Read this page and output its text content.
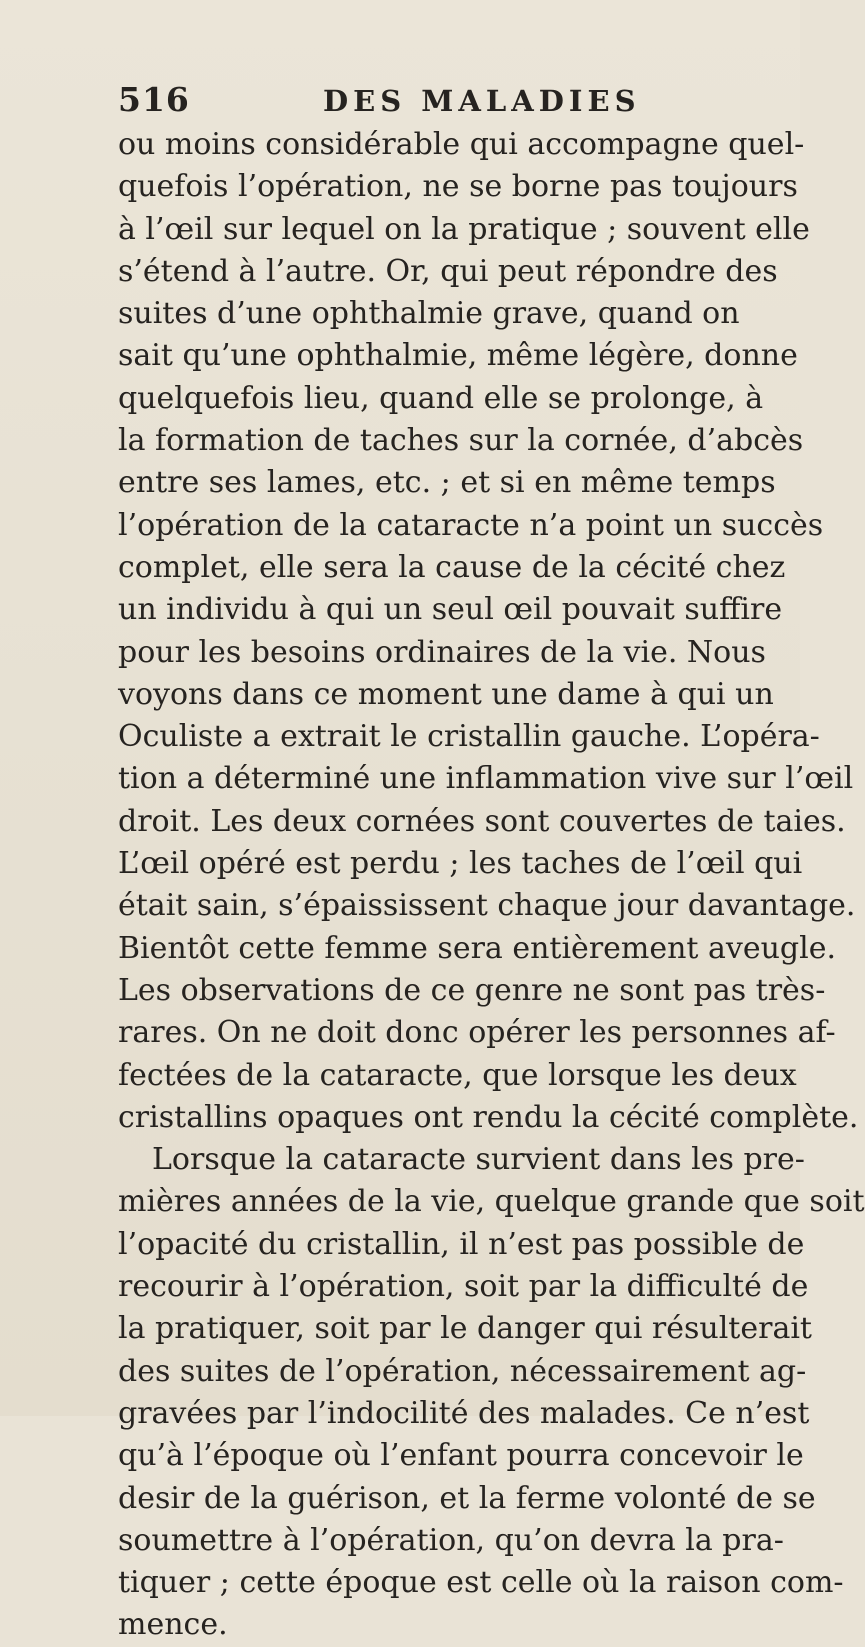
516	DES MALADIES
ou moins considérable qui accompagne quel-
quefois l’opération, ne se borne pas toujours
à l’œil sur lequel on la pratique ; souvent elle
s’étend à l’autre. Or, qui peut répondre des
suites d’une ophthalmie grave, quand on
sait qu’une ophthalmie, même légère, donne
quelquefois lieu, quand elle se prolonge, à
la formation de taches sur la cornée, d’abcès
entre ses lames, etc. ; et si en même temps
l’opération de la cataracte n’a point un succès
complet, elle sera la cause de la cécité chez
un individu à qui un seul œil pouvait suffire
pour les besoins ordinaires de la vie. Nous
voyons dans ce moment une dame à qui un
Oculiste a extrait le cristallin gauche. L’opéra-
tion a déterminé une inflammation vive sur l’œil
droit. Les deux cornées sont couvertes de taies.
L’œil opéré est perdu ; les taches de l’œil qui
était sain, s’épaississent chaque jour davantage.
Bientôt cette femme sera entièrement aveugle.
Les observations de ce genre ne sont pas très-
rares. On ne doit donc opérer les personnes af-
fectées de la cataracte, que lorsque les deux
cristallins opaques ont rendu la cécité complète.
Lorsque la cataracte survient dans les pre-
mières années de la vie, quelque grande que soit
l’opacité du cristallin, il n’est pas possible de
recourir à l’opération, soit par la difficulté de
la pratiquer, soit par le danger qui résulterait
des suites de l’opération, nécessairement ag-
gravées par l’indocilité des malades. Ce n’est
qu’à l’époque où l’enfant pourra concevoir le
desir de la guérison, et la ferme volonté de se
soumettre à l’opération, qu’on devra la pra-
tiquer ; cette époque est celle où la raison com-
mence.
